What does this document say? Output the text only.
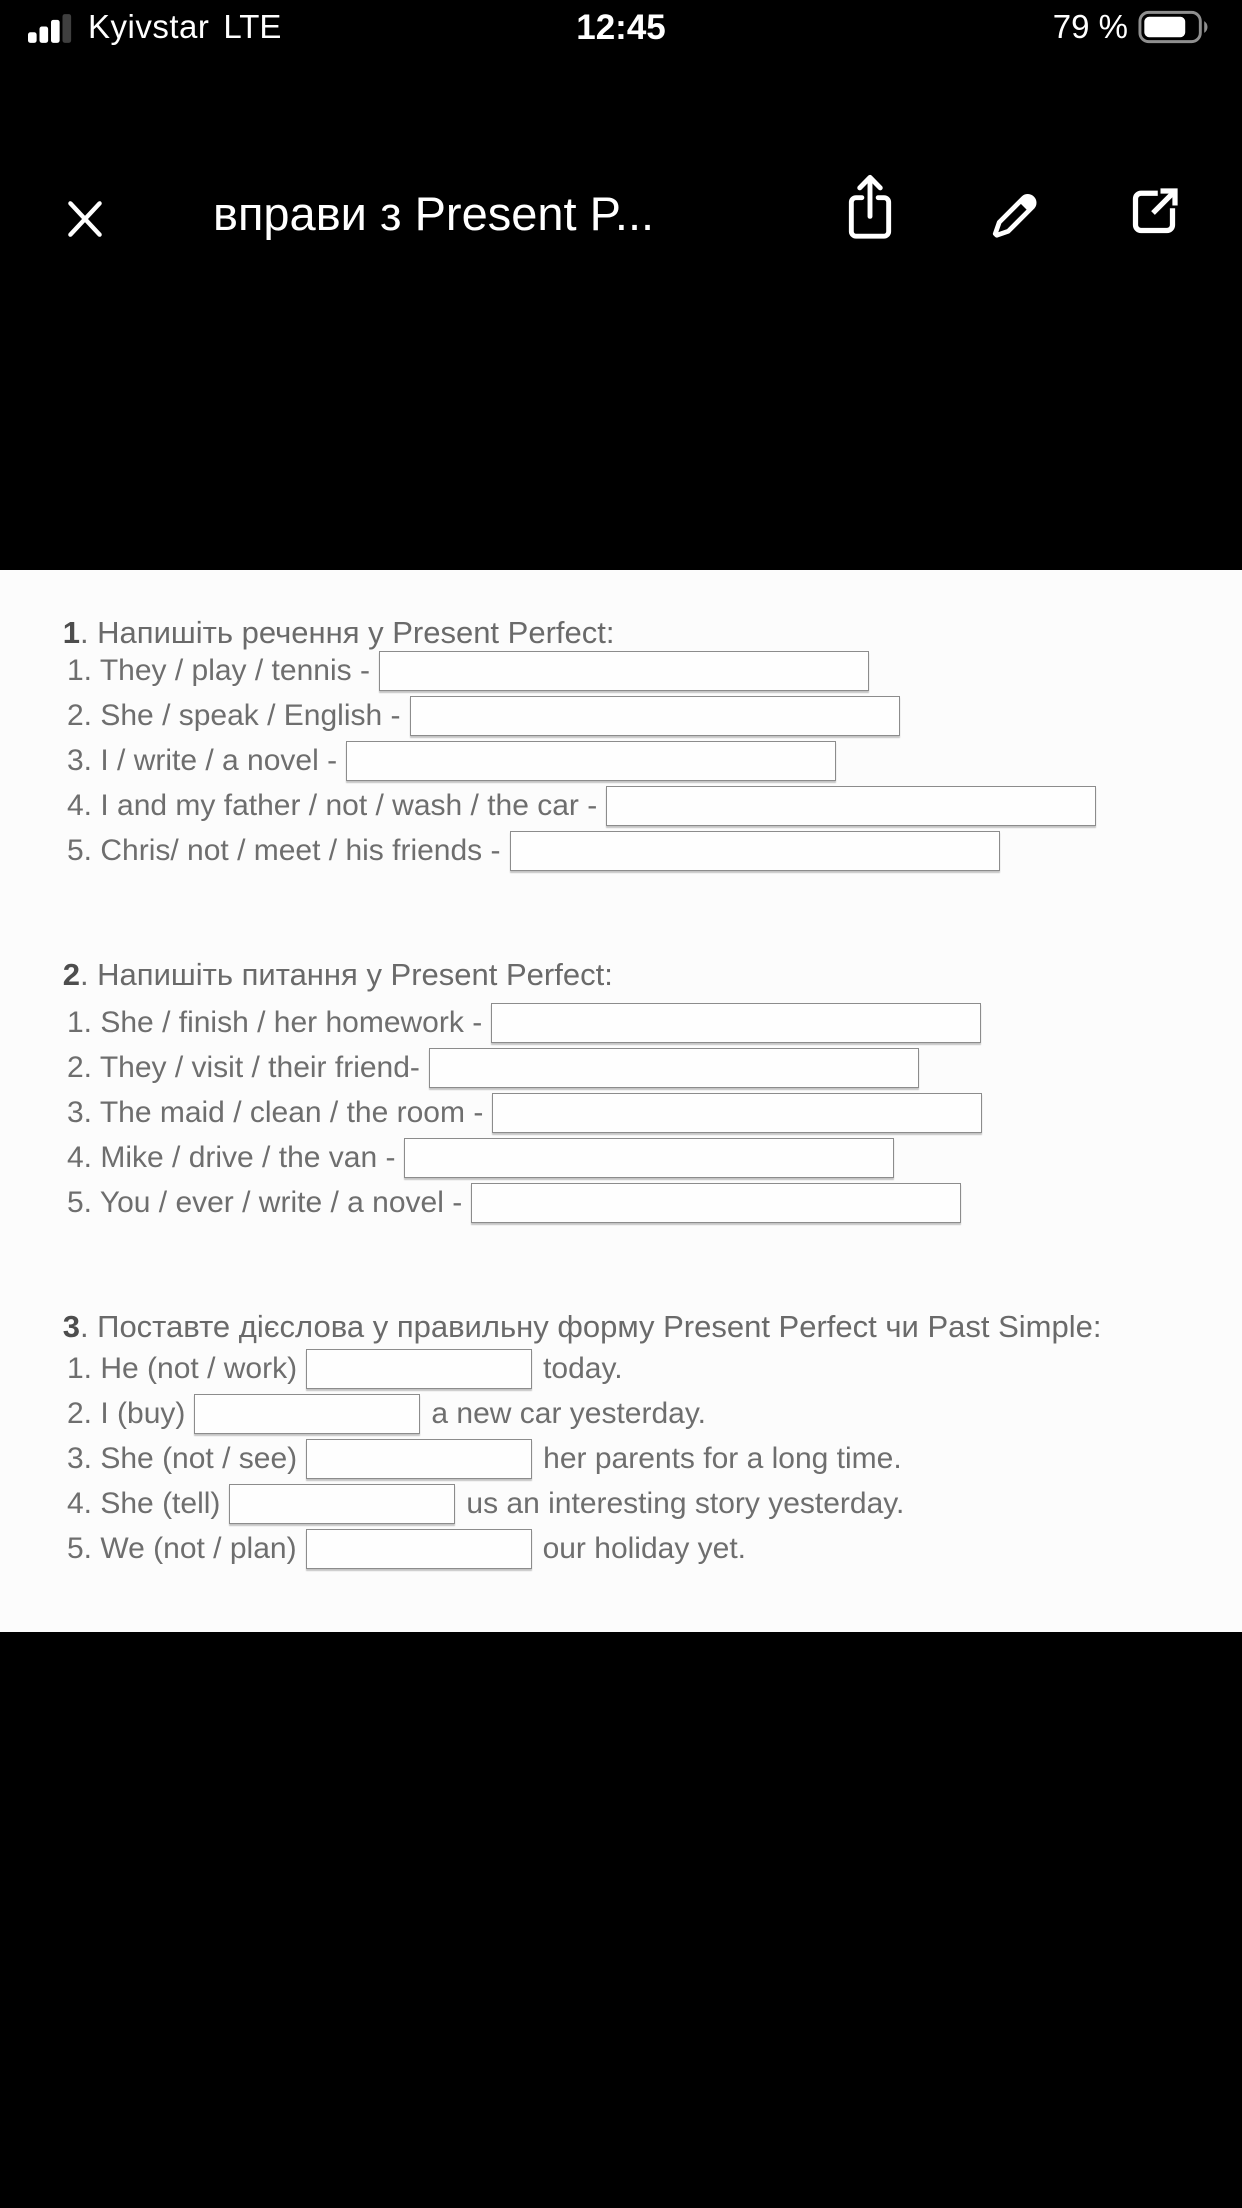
Kyivstar LTE	12:45	79 %
вправи з Present P...

1. Напишіть речення у Present Perfect:

1. They / play / tennis -
2. She / speak / English -
3. I / write / a novel -
4. I and my father / not / wash / the car -
5. Chris/ not / meet / his friends -

2. Напишіть питання у Present Perfect:

1. She / finish / her homework -
2. They / visit / their friend-
3. The maid / clean / the room -
4. Mike / drive / the van -
5. You / ever / write / a novel -

3. Поставте дієслова у правильну форму Present Perfect чи Past Simple:

1. He (not / work)	today.
2. I (buy)	a new car yesterday.
3. She (not / see)	her parents for a long time.
4. She (tell)	us an interesting story yesterday.
5. We (not / plan)	our holiday yet.
